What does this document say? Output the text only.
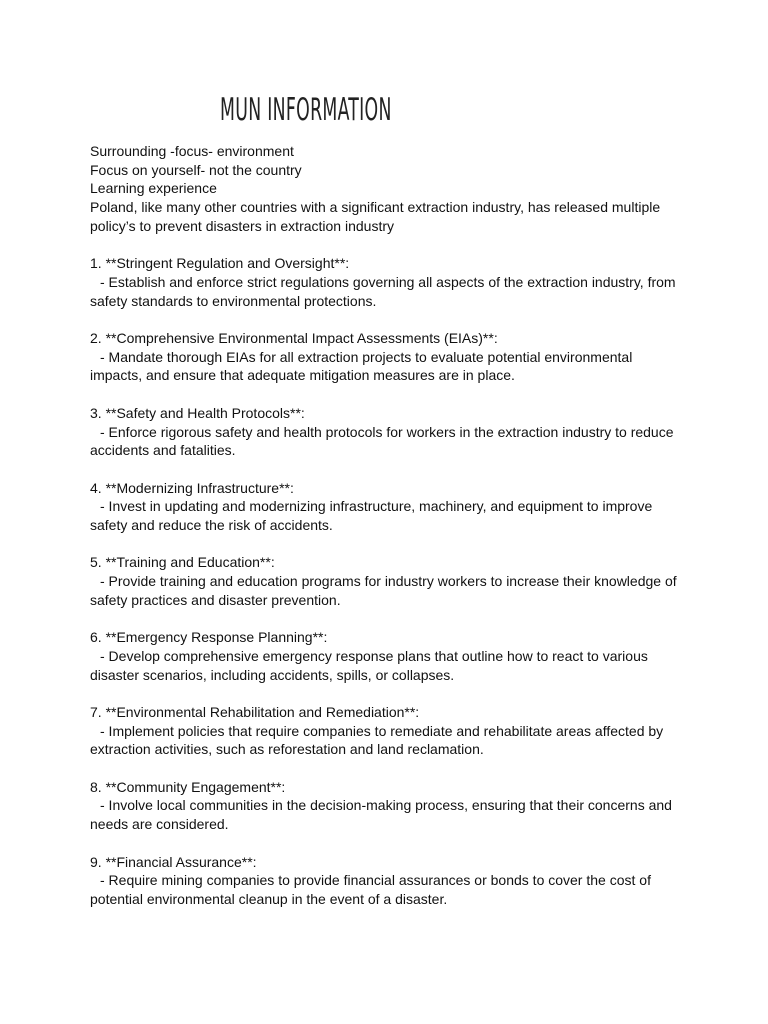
MUN INFORMATION

Surrounding -focus- environment

Focus on yourself- not the country

Learning experience

Poland, like many other countries with a significant extraction industry, has released multiple

policy’s to prevent disasters in extraction industry

1. **Stringent Regulation and Oversight**:

- Establish and enforce strict regulations governing all aspects of the extraction industry, from

safety standards to environmental protections.

2. **Comprehensive Environmental Impact Assessments (EIAs)**:

- Mandate thorough EIAs for all extraction projects to evaluate potential environmental

impacts, and ensure that adequate mitigation measures are in place.

3. **Safety and Health Protocols**:

- Enforce rigorous safety and health protocols for workers in the extraction industry to reduce

accidents and fatalities.

4. **Modernizing Infrastructure**:

- Invest in updating and modernizing infrastructure, machinery, and equipment to improve

safety and reduce the risk of accidents.

5. **Training and Education**:

- Provide training and education programs for industry workers to increase their knowledge of

safety practices and disaster prevention.

6. **Emergency Response Planning**:

- Develop comprehensive emergency response plans that outline how to react to various

disaster scenarios, including accidents, spills, or collapses.

7. **Environmental Rehabilitation and Remediation**:

- Implement policies that require companies to remediate and rehabilitate areas affected by

extraction activities, such as reforestation and land reclamation.

8. **Community Engagement**:

- Involve local communities in the decision-making process, ensuring that their concerns and

needs are considered.

9. **Financial Assurance**:

- Require mining companies to provide financial assurances or bonds to cover the cost of

potential environmental cleanup in the event of a disaster.
